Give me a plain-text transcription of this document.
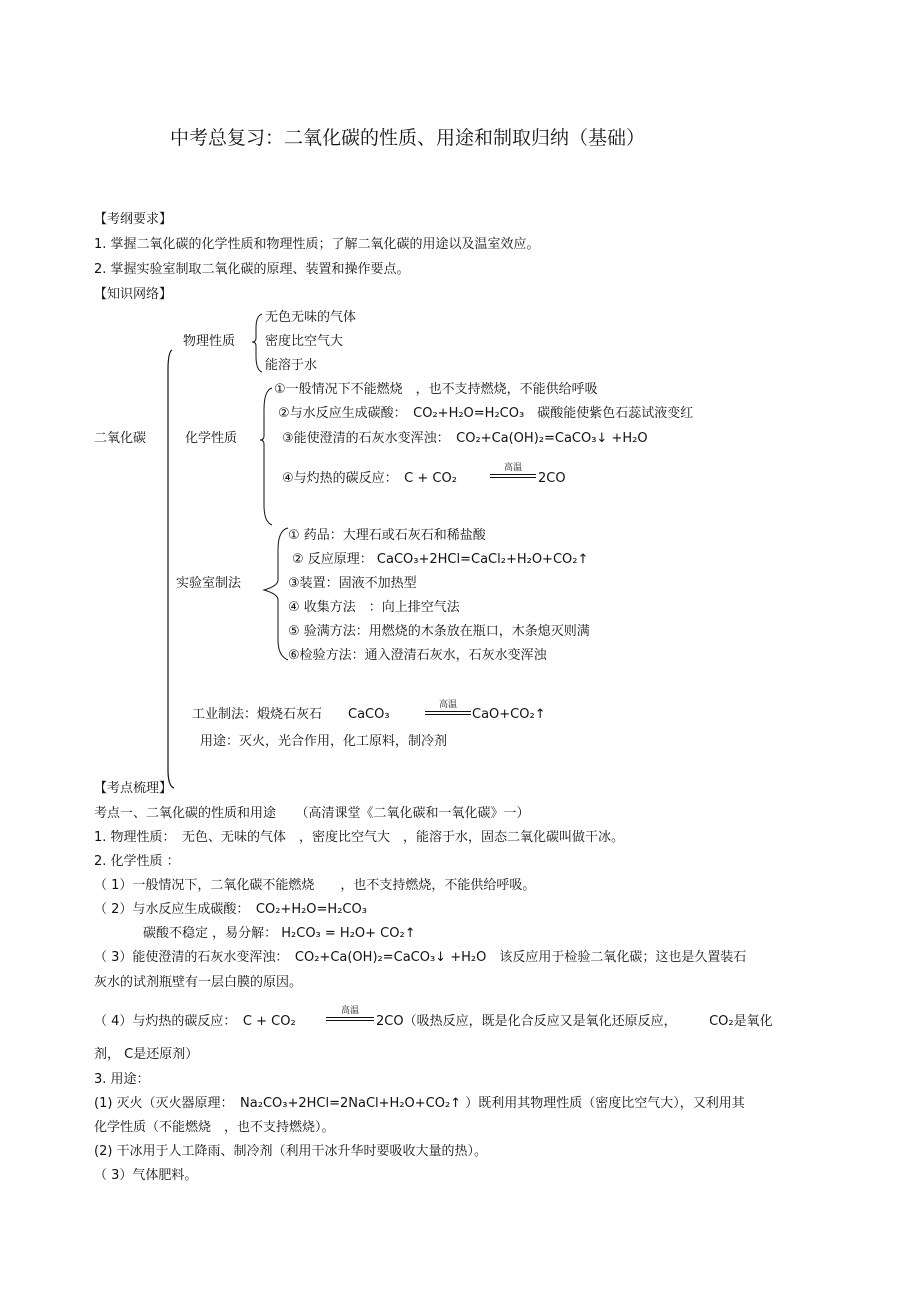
中考总复习：二氧化碳的性质、用途和制取归纳（基础）
【考纲要求】
1. 掌握二氧化碳的化学性质和物理性质；了解二氧化碳的用途以及温室效应。
2. 掌握实验室制取二氧化碳的原理、装置和操作要点。
【知识网络】
二氧化碳
物理性质
无色无味的气体
密度比空气大
能溶于水
化学性质
①一般情况下不能燃烧　，也不支持燃烧，不能供给呼吸
②与水反应生成碳酸：　CO₂+H₂O=H₂CO₃　碳酸能使紫色石蕊试液变红
③能使澄清的石灰水变浑浊：　CO₂+Ca(OH)₂=CaCO₃↓ +H₂O
④与灼热的碳反应：　C + CO₂
高温
2CO
实验室制法
① 药品：大理石或石灰石和稀盐酸
② 反应原理： CaCO₃+2HCl=CaCl₂+H₂O+CO₂↑
③装置：固液不加热型
④ 收集方法　：向上排空气法
⑤ 验满方法：用燃烧的木条放在瓶口，木条熄灭则满
⑥检验方法：通入澄清石灰水，石灰水变浑浊
工业制法：煅烧石灰石　　CaCO₃
高温
CaO+CO₂↑
用途：灭火，光合作用，化工原料，制冷剂
【考点梳理】
考点一、二氧化碳的性质和用途　　（高清课堂《二氧化碳和一氧化碳》一）
1. 物理性质：　无色、无味的气体　，密度比空气大　，能溶于水，固态二氧化碳叫做干冰。
2. 化学性质 ：
（ 1）一般情况下，二氧化碳不能燃烧　　，也不支持燃烧，不能供给呼吸。
（ 2）与水反应生成碳酸：　CO₂+H₂O=H₂CO₃
碳酸不稳定 ，易分解： H₂CO₃ = H₂O+ CO₂↑
（ 3）能使澄清的石灰水变浑浊：　CO₂+Ca(OH)₂=CaCO₃↓ +H₂O　该反应用于检验二氧化碳；这也是久置装石
灰水的试剂瓶壁有一层白膜的原因。
（ 4）与灼热的碳反应：　C + CO₂
高温
2CO（吸热反应，既是化合反应又是氧化还原反应，　　　CO₂是氧化
剂， C是还原剂）
3. 用途：
(1) 灭火（灭火器原理：　Na₂CO₃+2HCl=2NaCl+H₂O+CO₂↑ ）既利用其物理性质（密度比空气大），又利用其
化学性质（不能燃烧　，也不支持燃烧）。
(2) 干冰用于人工降雨、制冷剂（利用干冰升华时要吸收大量的热）。
（ 3）气体肥料。
